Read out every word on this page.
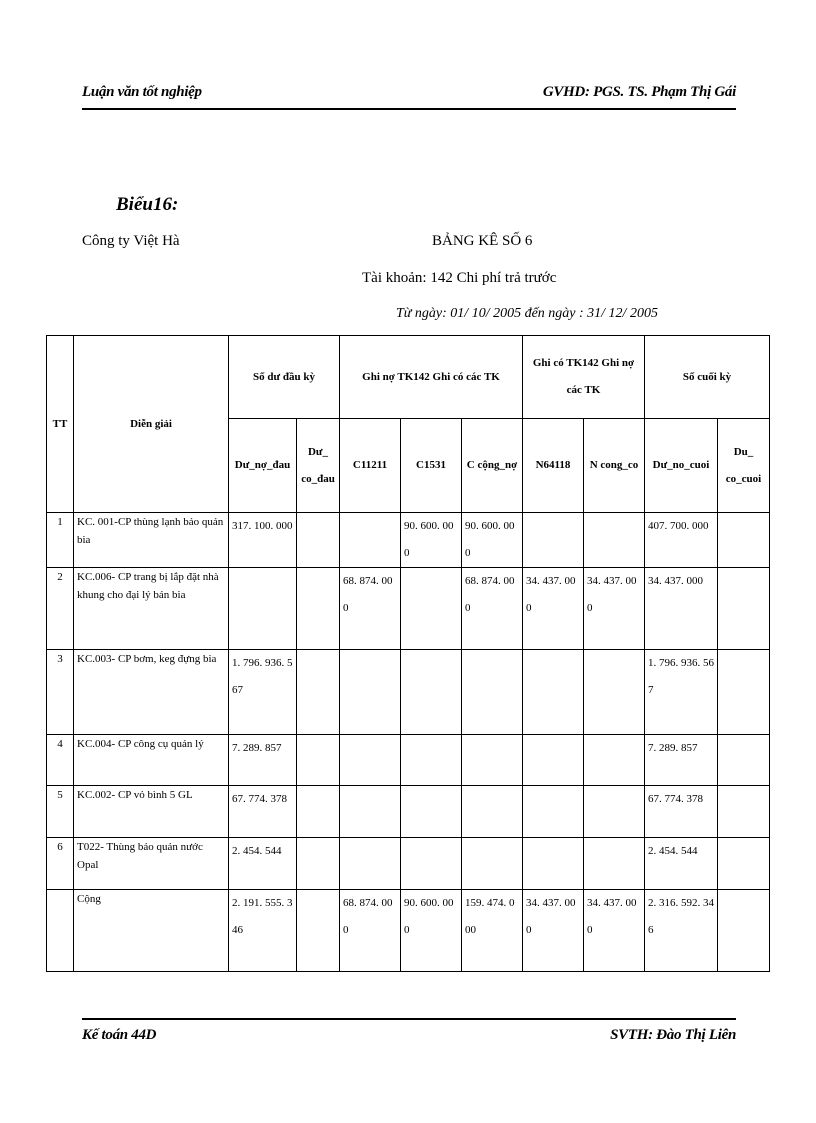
Luận văn tốt nghiệp	GVHD: PGS. TS. Phạm Thị Gái
Biểu16:
Công ty Việt Hà	BẢNG KÊ SỐ 6
Tài khoản: 142 Chi phí trả trước
Từ ngày: 01/ 10/ 2005 đến ngày : 31/ 12/ 2005
TT	Diễn giải	Số dư đầu kỳ		Ghi nợ TK142 Ghi có các TK			Ghi có TK142 Ghi nợ các TK		Số cuối kỳ	
		Dư_nợ_đau	Dư_ co_đau	C11211	C1531	C cộng_nợ	N64118	N cong_co	Dư_no_cuoi	Du_ co_cuoi
1	KC. 001-CP thùng lạnh bảo quản bia	317. 100. 000			90. 600. 000	90. 600. 000			407. 700. 000	
2	KC.006- CP trang bị lắp đặt nhà khung cho đại lý bán bia			68. 874. 000		68. 874. 000	34. 437. 000	34. 437. 000	34. 437. 000	
3	KC.003- CP bơm, keg đựng bia	1. 796. 936. 567							1. 796. 936. 567	
4	KC.004- CP công cụ quản lý	7. 289. 857							7. 289. 857	
5	KC.002- CP vỏ bình 5 GL	67. 774. 378							67. 774. 378	
6	T022- Thùng bảo quản nước Opal	2. 454. 544							2. 454. 544	
	Cộng	2. 191. 555. 346		68. 874. 000	90. 600. 000	159. 474. 000	34. 437. 000	34. 437. 000	2. 316. 592. 346	
Kế toán 44D	SVTH: Đào Thị Liên
